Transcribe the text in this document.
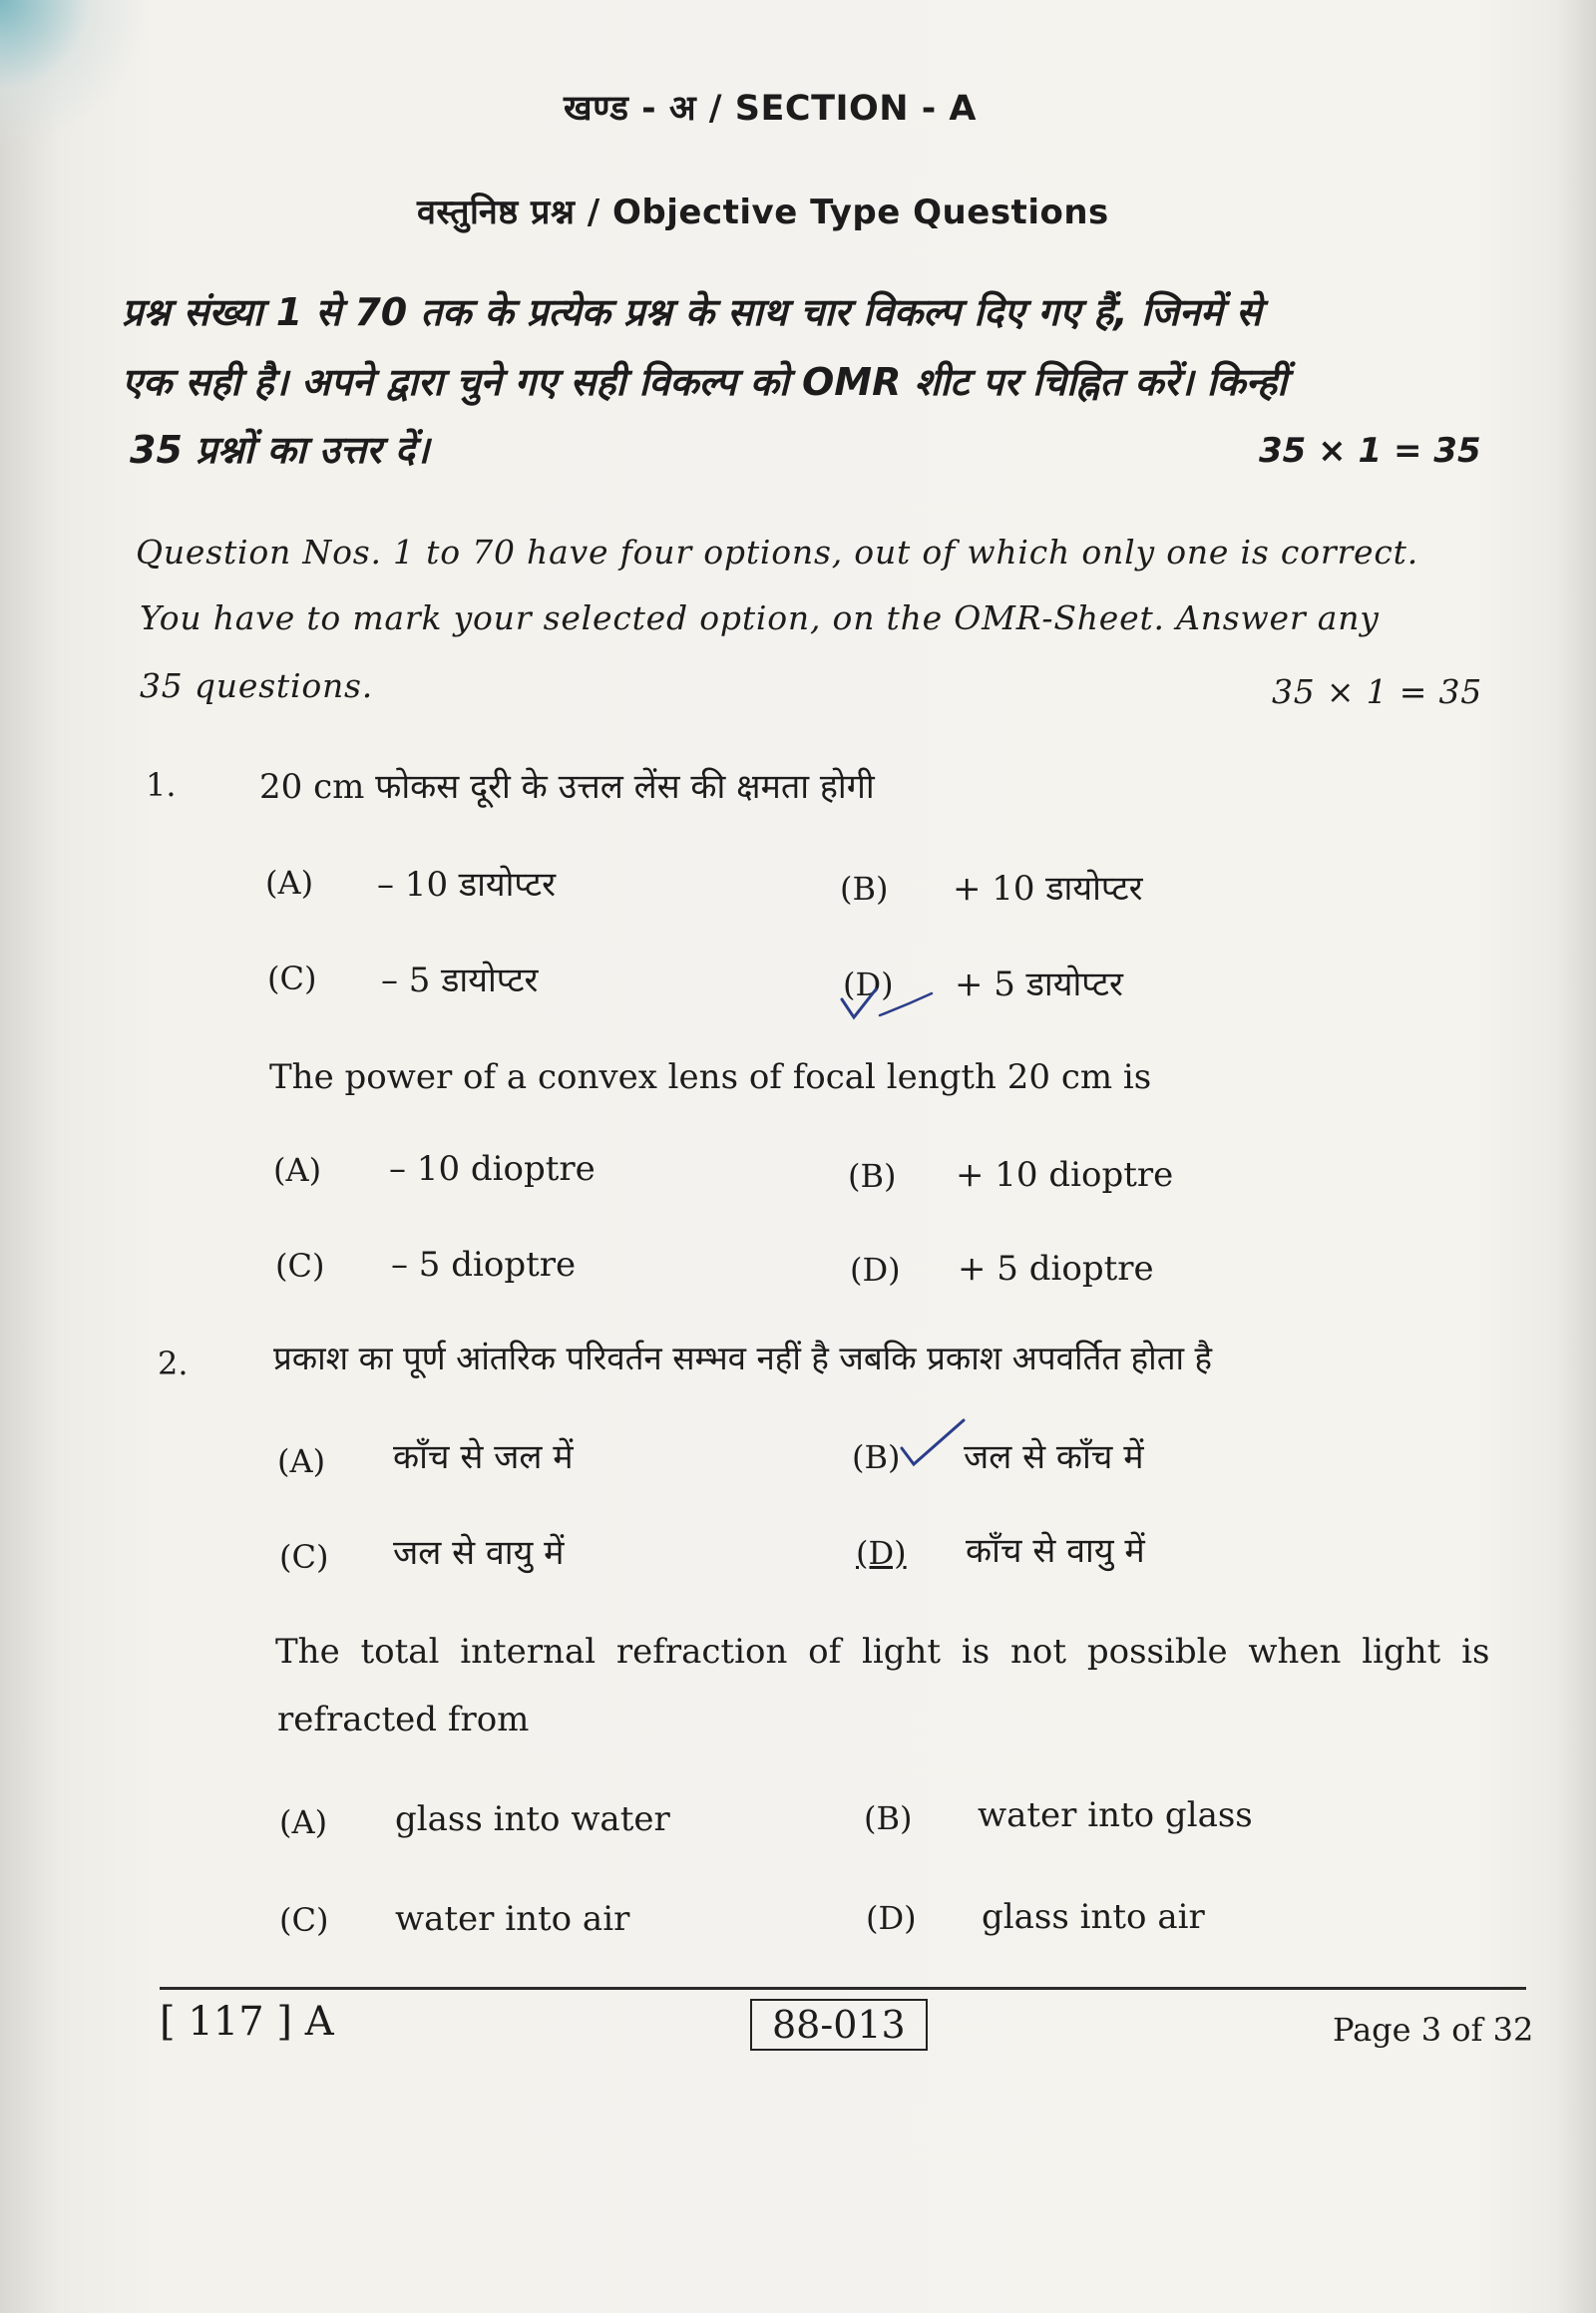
खण्ड - अ / SECTION - A
वस्तुनिष्ठ प्रश्न / Objective Type Questions
प्रश्न संख्या 1 से 70 तक के प्रत्येक प्रश्न के साथ चार विकल्प दिए गए हैं, जिनमें से
एक सही है। अपने द्वारा चुने गए सही विकल्प को OMR शीट पर चिह्नित करें। किन्हीं
35 प्रश्नों का उत्तर दें।	35 × 1 = 35
Question Nos. 1 to 70 have four options, out of which only one is correct.
You have to mark your selected option, on the OMR-Sheet. Answer any
35 questions.	35 × 1 = 35
1. 20 cm फोकस दूरी के उत्तल लेंस की क्षमता होगी
(A) – 10 डायोप्टर	(B) + 10 डायोप्टर
(C) – 5 डायोप्टर	(D) + 5 डायोप्टर
The power of a convex lens of focal length 20 cm is
(A) – 10 dioptre	(B) + 10 dioptre
(C) – 5 dioptre	(D) + 5 dioptre
2.	प्रकाश का पूर्ण आंतरिक परिवर्तन सम्भव नहीं है जबकि प्रकाश अपवर्तित होता है
(A) काँच से जल में	(B) जल से काँच में
(C) जल से वायु में	(D) काँच से वायु में
The total internal refraction of light is not possible when light is
refracted from
(A) glass into water	(B) water into glass
(C) water into air	(D) glass into air
[ 117 ] A	88-013	Page 3 of 32
